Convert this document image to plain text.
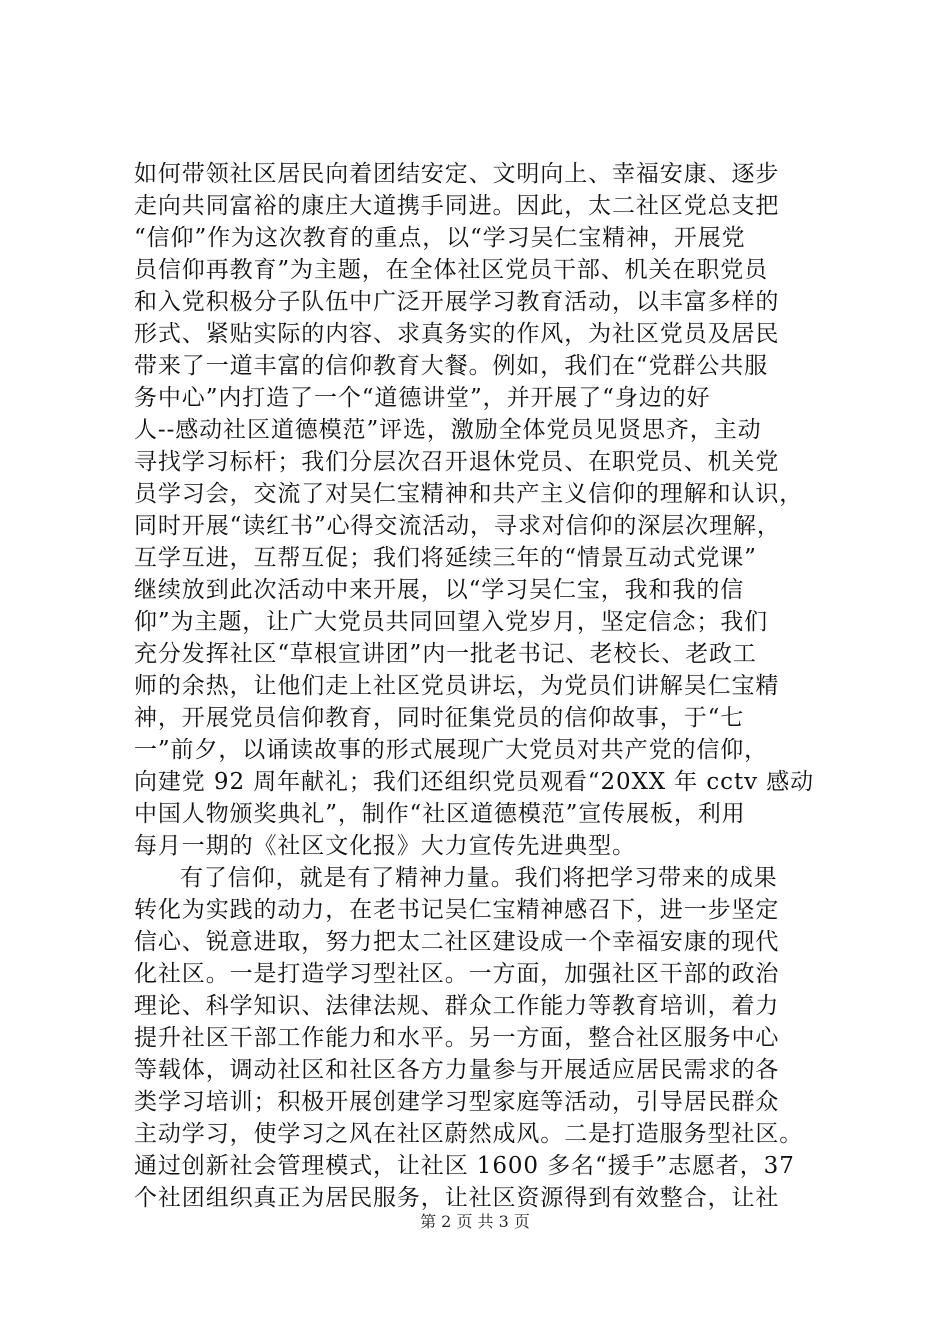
如何带领社区居民向着团结安定、文明向上、幸福安康、逐步
走向共同富裕的康庄大道携手同进。因此，太二社区党总支把
“信仰”作为这次教育的重点，以“学习吴仁宝精神，开展党
员信仰再教育”为主题，在全体社区党员干部、机关在职党员
和入党积极分子队伍中广泛开展学习教育活动，以丰富多样的
形式、紧贴实际的内容、求真务实的作风，为社区党员及居民
带来了一道丰富的信仰教育大餐。例如，我们在“党群公共服
务中心”内打造了一个“道德讲堂”，并开展了“身边的好
人--感动社区道德模范”评选，激励全体党员见贤思齐，主动
寻找学习标杆；我们分层次召开退休党员、在职党员、机关党
员学习会，交流了对吴仁宝精神和共产主义信仰的理解和认识，
同时开展“读红书”心得交流活动，寻求对信仰的深层次理解，
互学互进，互帮互促；我们将延续三年的“情景互动式党课”
继续放到此次活动中来开展，以“学习吴仁宝，我和我的信
仰”为主题，让广大党员共同回望入党岁月，坚定信念；我们
充分发挥社区“草根宣讲团”内一批老书记、老校长、老政工
师的余热，让他们走上社区党员讲坛，为党员们讲解吴仁宝精
神，开展党员信仰教育，同时征集党员的信仰故事，于“七
一”前夕，以诵读故事的形式展现广大党员对共产党的信仰，
向建党 92 周年献礼；我们还组织党员观看“20XX 年 cctv 感动
中国人物颁奖典礼”，制作“社区道德模范”宣传展板，利用
每月一期的《社区文化报》大力宣传先进典型。
有了信仰，就是有了精神力量。我们将把学习带来的成果
转化为实践的动力，在老书记吴仁宝精神感召下，进一步坚定
信心、锐意进取，努力把太二社区建设成一个幸福安康的现代
化社区。一是打造学习型社区。一方面，加强社区干部的政治
理论、科学知识、法律法规、群众工作能力等教育培训，着力
提升社区干部工作能力和水平。另一方面，整合社区服务中心
等载体，调动社区和社区各方力量参与开展适应居民需求的各
类学习培训；积极开展创建学习型家庭等活动，引导居民群众
主动学习，使学习之风在社区蔚然成风。二是打造服务型社区。
通过创新社会管理模式，让社区 1600 多名“援手”志愿者，37
个社团组织真正为居民服务，让社区资源得到有效整合，让社
第 2 页 共 3 页
